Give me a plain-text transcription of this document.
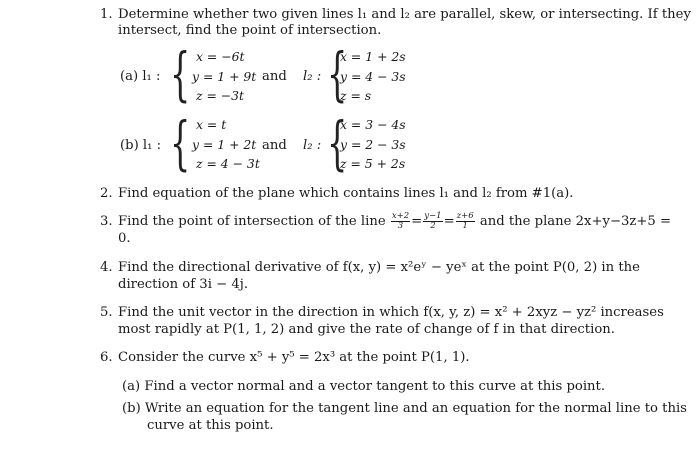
1. Determine whether two given lines l₁ and l₂ are parallel, skew, or intersecting. If they
intersect, find the point of intersection.
(a) l₁ : { x = −6t
y = 1 + 9t
z = −3t
and l₂ : {
x = 1 + 2s
y = 4 − 3s
z = s
(b) l₁ : { x = t
y = 1 + 2t
z = 4 − 3t
and l₂ : {
x = 3 − 4s
y = 2 − 3s
z = 5 + 2s
2. Find equation of the plane which contains lines l₁ and l₂ from #1(a).
3. Find the point of intersection of the line $\frac{x+2}{3} = \frac{y-1}{2} = \frac{z+6}{1}$ and the plane 2x+y−3z+5 =
0.
4. Find the directional derivative of f(x, y) = x²eʸ − yeˣ at the point P(0, 2) in the
direction of 3i − 4j.
5. Find the unit vector in the direction in which f(x, y, z) = x² + 2xyz − yz² increases
most rapidly at P(1, 1, 2) and give the rate of change of f in that direction.
6. Consider the curve x⁵ + y⁵ = 2x³ at the point P(1, 1).
(a) Find a vector normal and a vector tangent to this curve at this point.
(b) Write an equation for the tangent line and an equation for the normal line to this
curve at this point.
